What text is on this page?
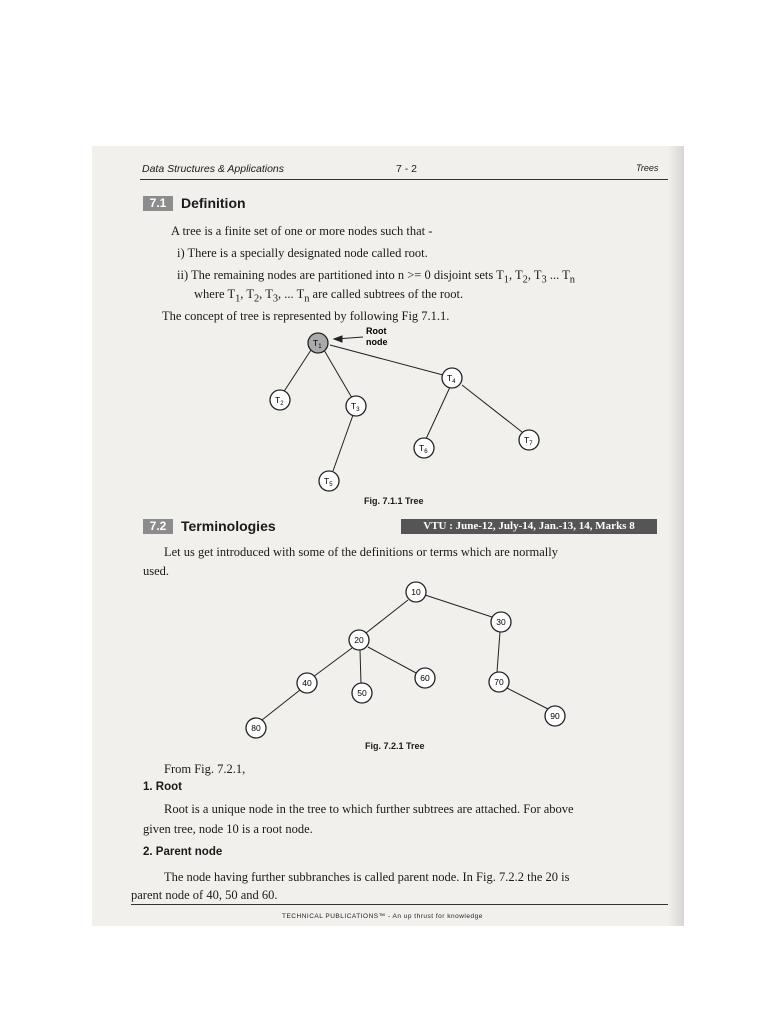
Data Structures & Applications	7 - 2	Trees
7.1	Definition
A tree is a finite set of one or more nodes such that -
i) There is a specially designated node called root.
ii) The remaining nodes are partitioned into n >= 0 disjoint sets $T_1$, $T_2$, $T_3$ ... $T_n$
where $T_1$, $T_2$, $T_3$, ... $T_n$ are called subtrees of the root.
The concept of tree is represented by following Fig 7.1.1.
Root
node
$T_1$
$T_2$	$T_3$
$T_4$
$T_5$
$T_6$
$T_7$
Fig. 7.1.1 Tree
7.2	Terminologies	VTU : June-12, July-14, Jan.-13, 14, Marks 8
Let us get introduced with some of the definitions or terms which are normally
used.
10
20
30
40
50
60	70
80
90
Fig. 7.2.1 Tree
From Fig. 7.2.1,
1. Root
Root is a unique node in the tree to which further subtrees are attached. For above
given tree, node 10 is a root node.
2. Parent node
The node having further subbranches is called parent node. In Fig. 7.2.2 the 20 is
parent node of 40, 50 and 60.
TECHNICAL PUBLICATIONS™ - An up thrust for knowledge
